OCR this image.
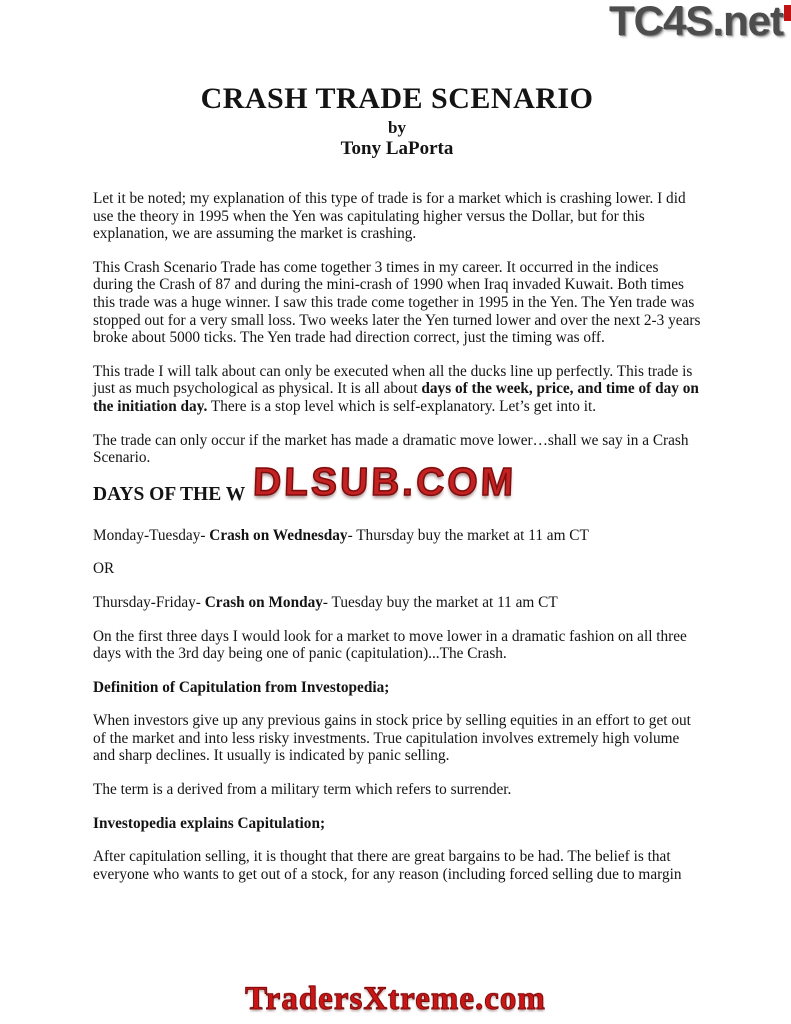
TC4S.net
CRASH TRADE SCENARIO

by

Tony LaPorta

Let it be noted; my explanation of this type of trade is for a market which is crashing lower. I did use the theory in 1995 when the Yen was capitulating higher versus the Dollar, but for this explanation, we are assuming the market is crashing.

This Crash Scenario Trade has come together 3 times in my career. It occurred in the indices during the Crash of 87 and during the mini-crash of 1990 when Iraq invaded Kuwait. Both times this trade was a huge winner. I saw this trade come together in 1995 in the Yen. The Yen trade was stopped out for a very small loss. Two weeks later the Yen turned lower and over the next 2-3 years broke about 5000 ticks. The Yen trade had direction correct, just the timing was off.

This trade I will talk about can only be executed when all the ducks line up perfectly. This trade is just as much psychological as physical. It is all about days of the week, price, and time of day on the initiation day. There is a stop level which is self-explanatory. Let’s get into it.

The trade can only occur if the market has made a dramatic move lower…shall we say in a Crash Scenario.

DAYS OF THE W DLSUB.COM

Monday-Tuesday- Crash on Wednesday- Thursday buy the market at 11 am CT

OR

Thursday-Friday- Crash on Monday- Tuesday buy the market at 11 am CT

On the first three days I would look for a market to move lower in a dramatic fashion on all three days with the 3rd day being one of panic (capitulation)...The Crash.

Definition of Capitulation from Investopedia;

When investors give up any previous gains in stock price by selling equities in an effort to get out of the market and into less risky investments. True capitulation involves extremely high volume and sharp declines. It usually is indicated by panic selling.

The term is a derived from a military term which refers to surrender.

Investopedia explains Capitulation;

After capitulation selling, it is thought that there are great bargains to be had. The belief is that everyone who wants to get out of a stock, for any reason (including forced selling due to margin

TradersXtreme.com
